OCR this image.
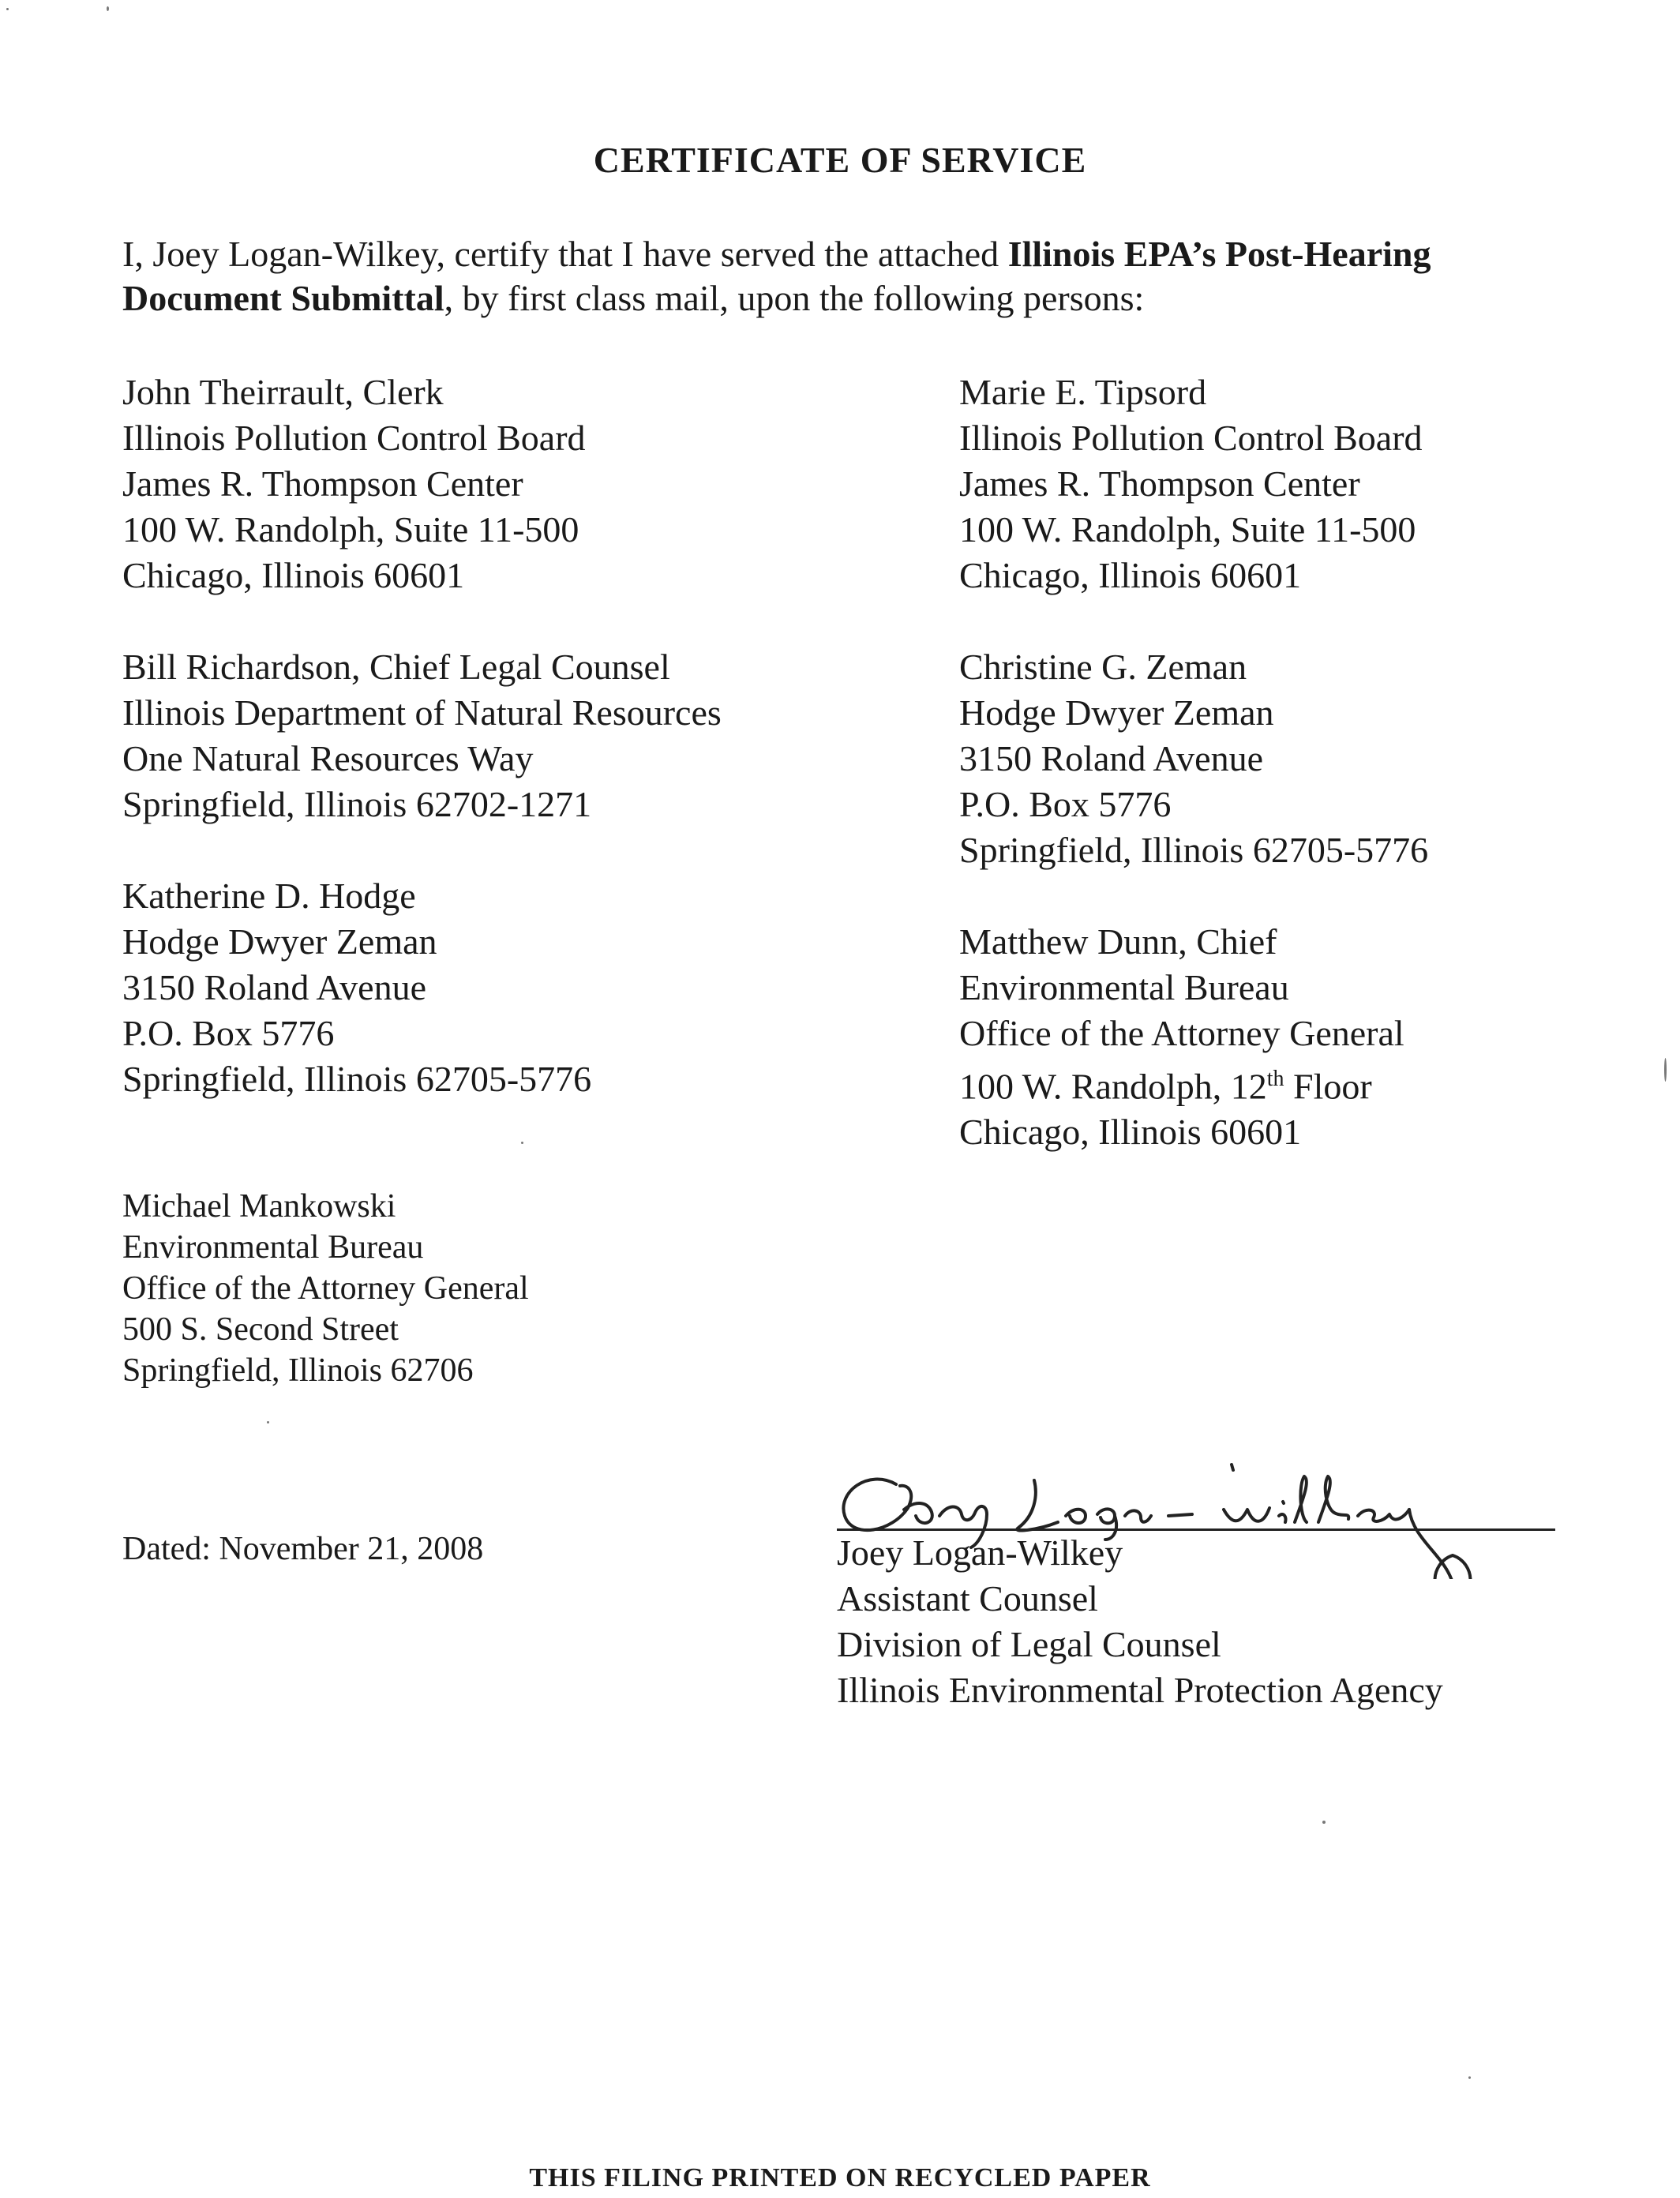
CERTIFICATE OF SERVICE
I, Joey Logan-Wilkey, certify that I have served the attached Illinois EPA’s Post-Hearing Document Submittal, by first class mail, upon the following persons:
John Theirrault, Clerk
Illinois Pollution Control Board
James R. Thompson Center
100 W. Randolph, Suite 11-500
Chicago, Illinois 60601
Bill Richardson, Chief Legal Counsel
Illinois Department of Natural Resources
One Natural Resources Way
Springfield, Illinois 62702-1271
Katherine D. Hodge
Hodge Dwyer Zeman
3150 Roland Avenue
P.O. Box 5776
Springfield, Illinois 62705-5776
Marie E. Tipsord
Illinois Pollution Control Board
James R. Thompson Center
100 W. Randolph, Suite 11-500
Chicago, Illinois 60601
Christine G. Zeman
Hodge Dwyer Zeman
3150 Roland Avenue
P.O. Box 5776
Springfield, Illinois 62705-5776
Matthew Dunn, Chief
Environmental Bureau
Office of the Attorney General
100 W. Randolph, 12th Floor
Chicago, Illinois 60601
Michael Mankowski
Environmental Bureau
Office of the Attorney General
500 S. Second Street
Springfield, Illinois 62706
Dated: November 21, 2008	Joey Logan-Wilkey
Assistant Counsel
Division of Legal Counsel
Illinois Environmental Protection Agency
THIS FILING PRINTED ON RECYCLED PAPER
